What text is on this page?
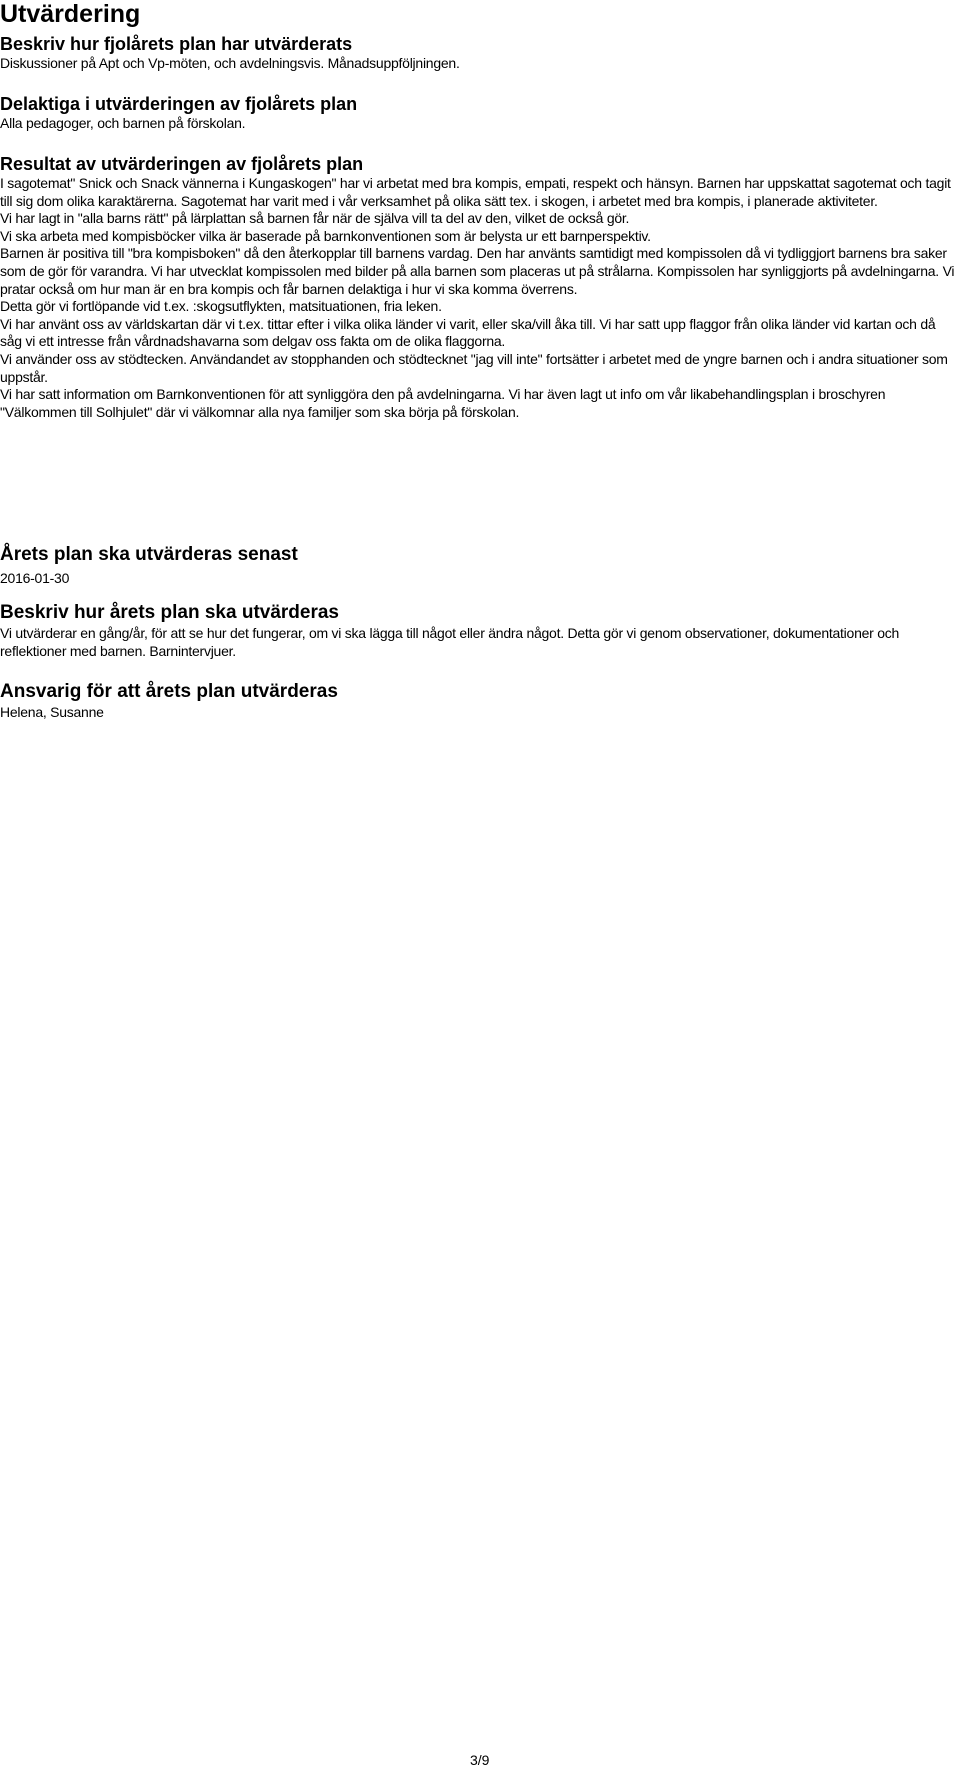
Utvärdering
Beskriv hur fjolårets plan har utvärderats

Diskussioner på Apt och Vp-möten, och avdelningsvis. Månadsuppföljningen.

Delaktiga i utvärderingen av fjolårets plan

Alla pedagoger, och barnen på förskolan.

Resultat av utvärderingen av fjolårets plan

I sagotemat" Snick och Snack vännerna i Kungaskogen" har vi arbetat med bra kompis, empati, respekt och hänsyn. Barnen har uppskattat sagotemat och tagit till sig dom olika karaktärerna. Sagotemat har varit med i vår verksamhet på olika sätt tex. i skogen, i arbetet med bra kompis, i planerade aktiviteter.

Vi har lagt in "alla barns rätt" på lärplattan så barnen får när de själva vill ta del av den, vilket de också gör.

Vi ska arbeta med kompisböcker vilka är baserade på barnkonventionen som är belysta ur ett barnperspektiv.

Barnen är positiva till "bra kompisboken" då den återkopplar till barnens vardag. Den har använts samtidigt med kompissolen då vi tydliggjort barnens bra saker som de gör för varandra. Vi har utvecklat kompissolen med bilder på alla barnen som placeras ut på strålarna. Kompissolen har synliggjorts på avdelningarna. Vi pratar också om hur man är en bra kompis och får barnen delaktiga i hur vi ska komma överrens.

Detta gör vi fortlöpande vid t.ex. :skogsutflykten, matsituationen, fria leken.

Vi har använt oss av världskartan där vi t.ex. tittar efter i vilka olika länder vi varit, eller ska/vill åka till. Vi har satt upp flaggor från olika länder vid kartan och då såg vi ett intresse från vårdnadshavarna som delgav oss fakta om de olika flaggorna.

Vi använder oss av stödtecken. Användandet av stopphanden och stödtecknet "jag vill inte" fortsätter i arbetet med de yngre barnen och i andra situationer som uppstår.

Vi har satt information om Barnkonventionen för att synliggöra den på avdelningarna. Vi har även lagt ut info om vår likabehandlingsplan i broschyren "Välkommen till Solhjulet" där vi välkomnar alla nya familjer som ska börja på förskolan.

Årets plan ska utvärderas senast

2016-01-30

Beskriv hur årets plan ska utvärderas

Vi utvärderar en gång/år, för att se hur det fungerar, om vi ska lägga till något eller ändra något. Detta gör vi genom observationer, dokumentationer och reflektioner med barnen. Barnintervjuer.

Ansvarig för att årets plan utvärderas

Helena, Susanne

3/9
